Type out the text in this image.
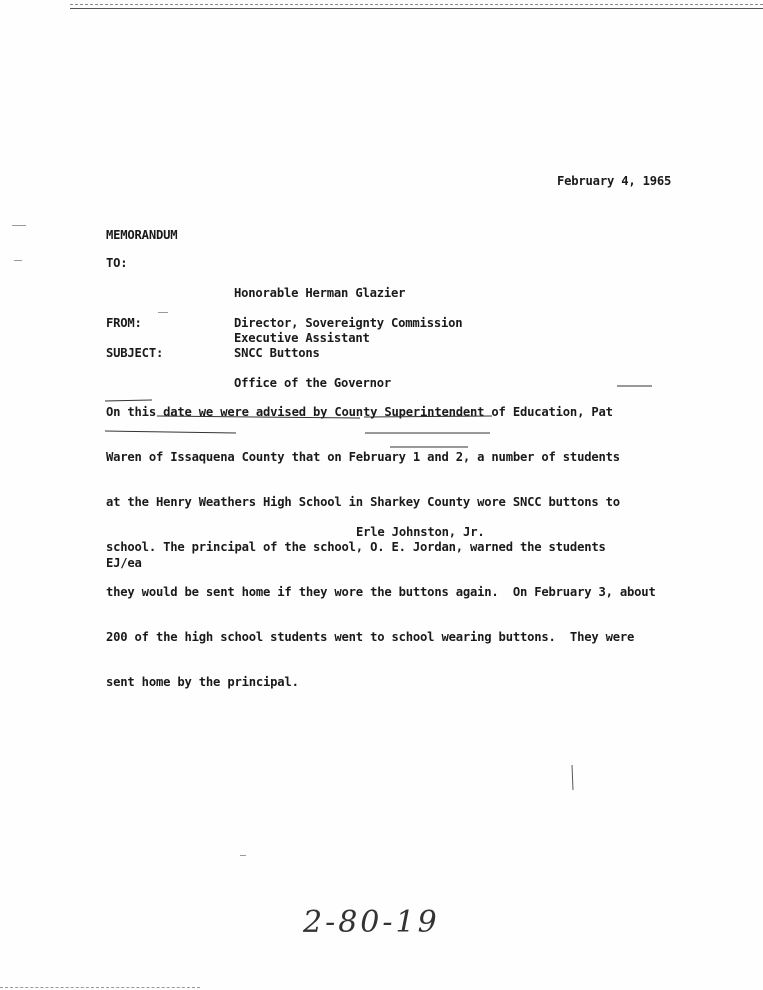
February 4, 1965
MEMORANDUM
TO:

Honorable Herman Glazier

Executive Assistant

Office of the Governor

FROM:	Director, Sovereignty Commission
SUBJECT:	SNCC Buttons

On this date we were advised by County Superintendent of Education, Pat

Waren of Issaquena County that on February 1 and 2, a number of students

at the Henry Weathers High School in Sharkey County wore SNCC buttons to

school. The principal of the school, O. E. Jordan, warned the students

they would be sent home if they wore the buttons again.  On February 3, about

200 of the high school students went to school wearing buttons.  They were

sent home by the principal.

Erle Johnston, Jr.
EJ/ea
2-80-19
